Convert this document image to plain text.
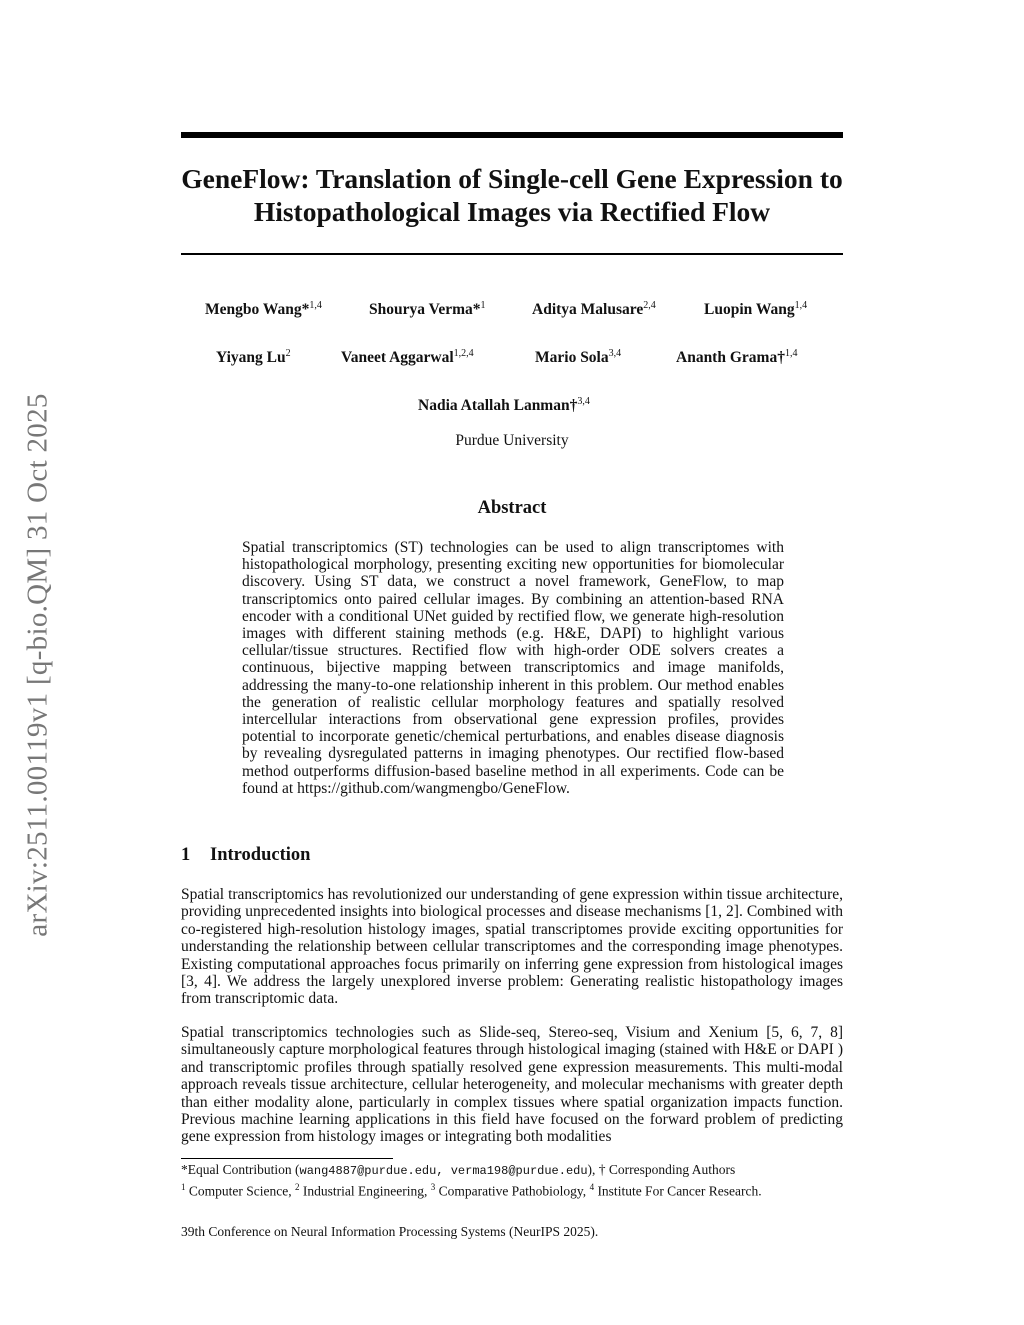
arXiv:2511.00119v1 [q-bio.QM] 31 Oct 2025
GeneFlow: Translation of Single-cell Gene Expression to Histopathological Images via Rectified Flow
Mengbo Wang*$^{1,4}$	Shourya Verma*$^1$	Aditya Malusare$^{2,4}$	Luopin Wang$^{1,4}$
Yiyang Lu$^2$	Vaneet Aggarwal$^{1,2,4}$	Mario Sola$^{3,4}$	Ananth Grama†$^{1,4}$
Nadia Atallah Lanman†$^{3,4}$
Purdue University
Abstract

Spatial transcriptomics (ST) technologies can be used to align transcriptomes with histopathological morphology, presenting exciting new opportunities for biomolecular discovery. Using ST data, we construct a novel framework, GeneFlow, to map transcriptomics onto paired cellular images. By combining an attention-based RNA encoder with a conditional UNet guided by rectified flow, we generate high-resolution images with different staining methods (e.g. H&E, DAPI) to highlight various cellular/tissue structures. Rectified flow with high-order ODE solvers creates a continuous, bijective mapping between transcriptomics and image manifolds, addressing the many-to-one relationship inherent in this problem. Our method enables the generation of realistic cellular morphology features and spatially resolved intercellular interactions from observational gene expression profiles, provides potential to incorporate genetic/chemical perturbations, and enables disease diagnosis by revealing dysregulated patterns in imaging phenotypes. Our rectified flow-based method outperforms diffusion-based baseline method in all experiments. Code can be found at https://github.com/wangmengbo/GeneFlow.

1 Introduction

Spatial transcriptomics has revolutionized our understanding of gene expression within tissue architecture, providing unprecedented insights into biological processes and disease mechanisms [1, 2]. Combined with co-registered high-resolution histology images, spatial transcriptomes provide exciting opportunities for understanding the relationship between cellular transcriptomes and the corresponding image phenotypes. Existing computational approaches focus primarily on inferring gene expression from histological images [3, 4]. We address the largely unexplored inverse problem: Generating realistic histopathology images from transcriptomic data.

Spatial transcriptomics technologies such as Slide-seq, Stereo-seq, Visium and Xenium [5, 6, 7, 8] simultaneously capture morphological features through histological imaging (stained with H&E or DAPI ) and transcriptomic profiles through spatially resolved gene expression measurements. This multi-modal approach reveals tissue architecture, cellular heterogeneity, and molecular mechanisms with greater depth than either modality alone, particularly in complex tissues where spatial organization impacts function. Previous machine learning applications in this field have focused on the forward problem of predicting gene expression from histology images or integrating both modalities

*Equal Contribution (wang4887@purdue.edu, verma198@purdue.edu), † Corresponding Authors
$^1$ Computer Science, $^2$ Industrial Engineering, $^3$ Comparative Pathobiology, $^4$ Institute For Cancer Research.
39th Conference on Neural Information Processing Systems (NeurIPS 2025).
